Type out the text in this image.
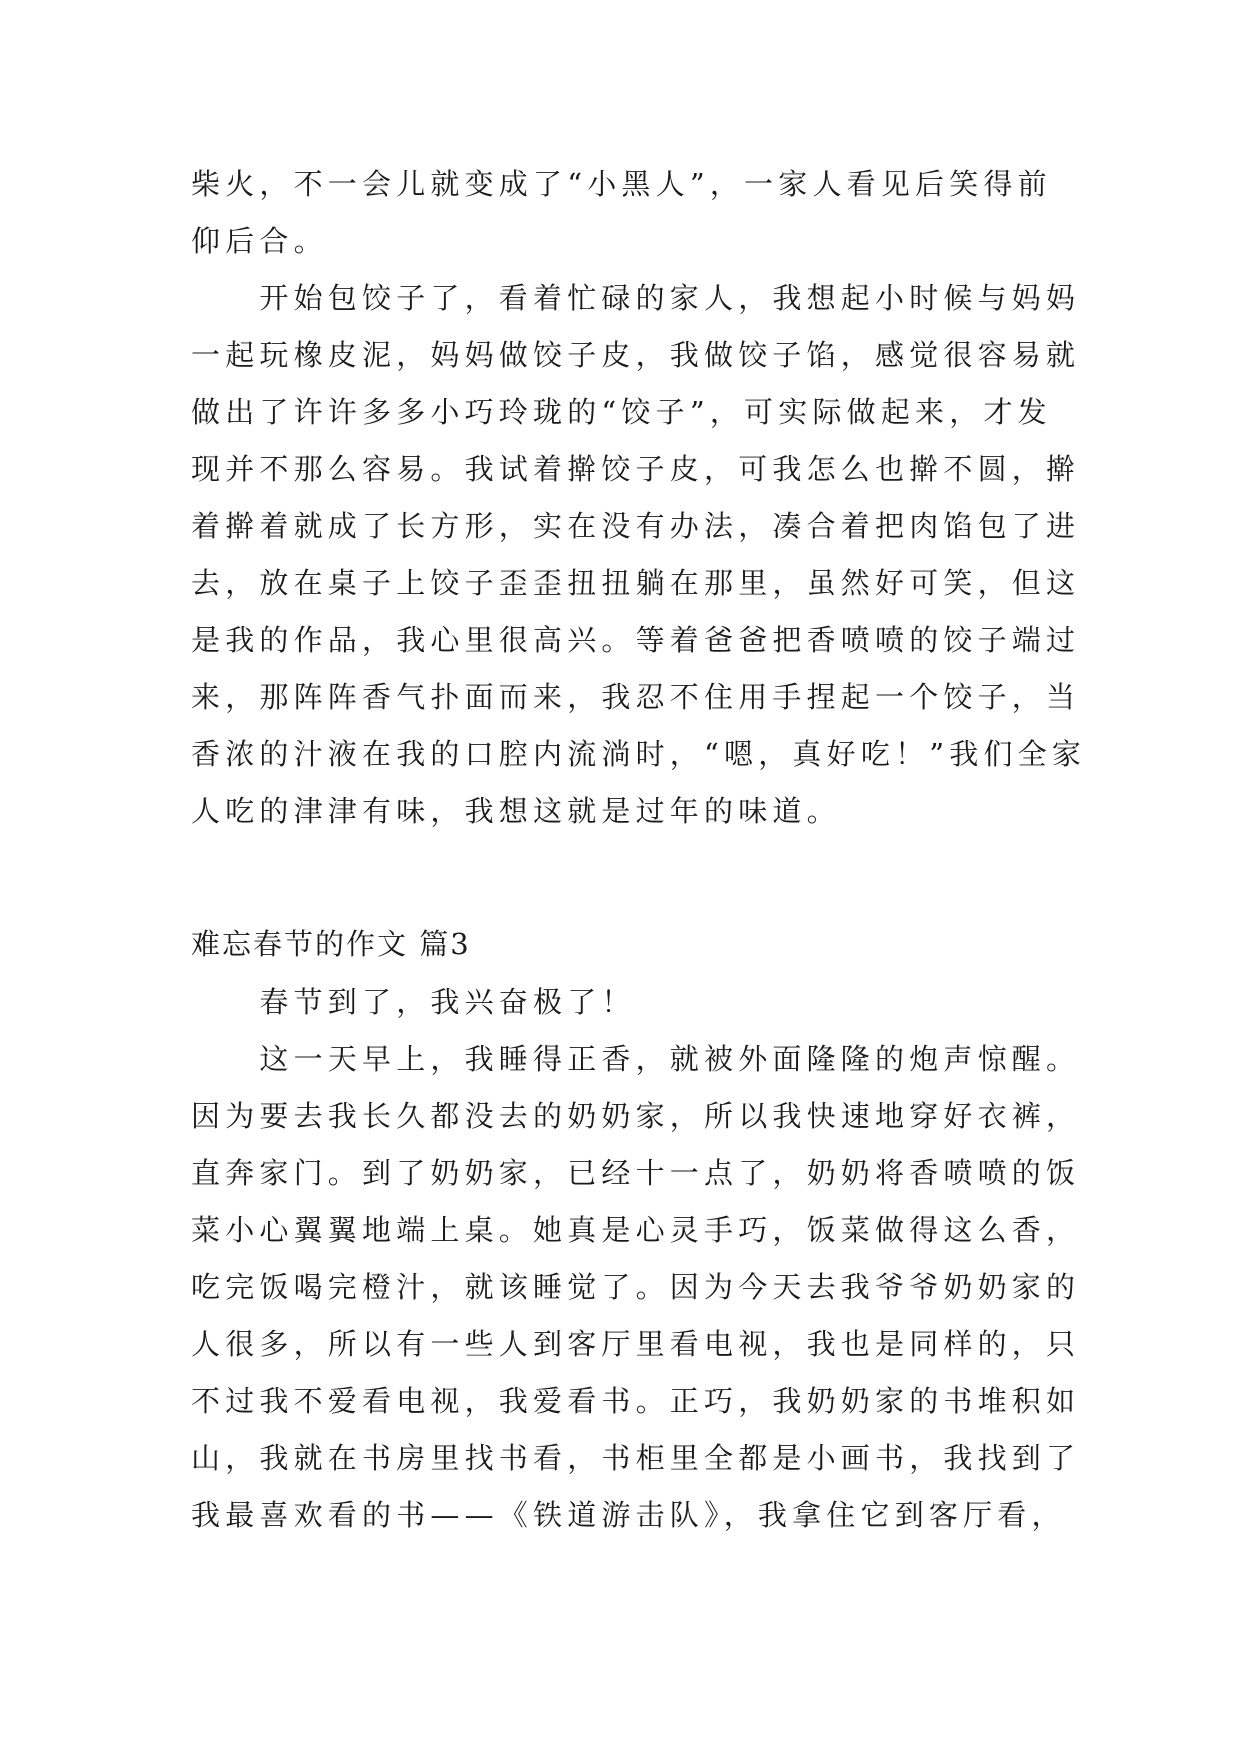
柴火，不一会儿就变成了“小黑人”，一家人看见后笑得前
仰后合。
　　开始包饺子了，看着忙碌的家人，我想起小时候与妈妈
一起玩橡皮泥，妈妈做饺子皮，我做饺子馅，感觉很容易就
做出了许许多多小巧玲珑的“饺子”，可实际做起来，才发
现并不那么容易。我试着擀饺子皮，可我怎么也擀不圆，擀
着擀着就成了长方形，实在没有办法，凑合着把肉馅包了进
去，放在桌子上饺子歪歪扭扭躺在那里，虽然好可笑，但这
是我的作品，我心里很高兴。等着爸爸把香喷喷的饺子端过
来，那阵阵香气扑面而来，我忍不住用手捏起一个饺子，当
香浓的汁液在我的口腔内流淌时，“嗯，真好吃！”我们全家
人吃的津津有味，我想这就是过年的味道。
难忘春节的作文 篇3
　　春节到了，我兴奋极了！
　　这一天早上，我睡得正香，就被外面隆隆的炮声惊醒。
因为要去我长久都没去的奶奶家，所以我快速地穿好衣裤，
直奔家门。到了奶奶家，已经十一点了，奶奶将香喷喷的饭
菜小心翼翼地端上桌。她真是心灵手巧，饭菜做得这么香，
吃完饭喝完橙汁，就该睡觉了。因为今天去我爷爷奶奶家的
人很多，所以有一些人到客厅里看电视，我也是同样的，只
不过我不爱看电视，我爱看书。正巧，我奶奶家的书堆积如
山，我就在书房里找书看，书柜里全都是小画书，我找到了
我最喜欢看的书——《铁道游击队》，我拿住它到客厅看，
